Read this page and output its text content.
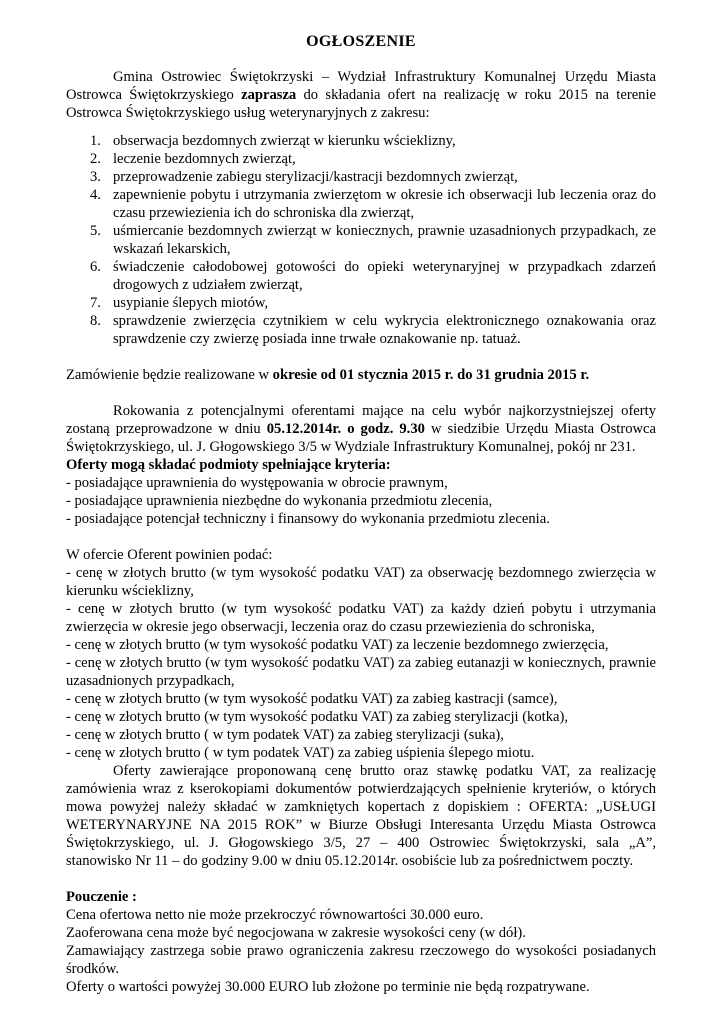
OGŁOSZENIE

Gmina Ostrowiec Świętokrzyski – Wydział Infrastruktury Komunalnej Urzędu Miasta Ostrowca Świętokrzyskiego zaprasza do składania ofert na realizację w roku 2015 na terenie Ostrowca Świętokrzyskiego usług weterynaryjnych z zakresu:

1. obserwacja bezdomnych zwierząt w kierunku wścieklizny,
2. leczenie bezdomnych zwierząt,
3. przeprowadzenie zabiegu sterylizacji/kastracji bezdomnych zwierząt,
4. zapewnienie pobytu i utrzymania zwierzętom w okresie ich obserwacji lub leczenia oraz do czasu przewiezienia ich do schroniska dla zwierząt,
5. uśmiercanie bezdomnych zwierząt w koniecznych, prawnie uzasadnionych przypadkach, ze wskazań lekarskich,
6. świadczenie całodobowej gotowości do opieki weterynaryjnej w przypadkach zdarzeń drogowych z udziałem zwierząt,
7. usypianie ślepych miotów,
8. sprawdzenie zwierzęcia czytnikiem w celu wykrycia elektronicznego oznakowania oraz sprawdzenie czy zwierzę posiada inne trwałe oznakowanie np. tatuaż.

Zamówienie będzie realizowane w okresie od 01 stycznia 2015 r. do 31 grudnia 2015 r.

Rokowania z potencjalnymi oferentami mające na celu wybór najkorzystniejszej oferty zostaną przeprowadzone w dniu 05.12.2014r. o godz. 9.30 w siedzibie Urzędu Miasta Ostrowca Świętokrzyskiego, ul. J. Głogowskiego 3/5 w Wydziale Infrastruktury Komunalnej, pokój nr 231.

Oferty mogą składać podmioty spełniające kryteria:

- posiadające uprawnienia do występowania w obrocie prawnym,
- posiadające uprawnienia niezbędne do wykonania przedmiotu zlecenia,
- posiadające potencjał techniczny i finansowy do wykonania przedmiotu zlecenia.

W ofercie Oferent powinien podać:

- cenę w złotych brutto (w tym wysokość podatku VAT) za obserwację bezdomnego zwierzęcia w kierunku wścieklizny,

- cenę w złotych brutto (w tym wysokość podatku VAT) za każdy dzień pobytu i utrzymania zwierzęcia w okresie jego obserwacji, leczenia oraz do czasu przewiezienia do schroniska,

- cenę w złotych brutto (w tym wysokość podatku VAT) za leczenie bezdomnego zwierzęcia,

- cenę w złotych brutto (w tym wysokość podatku VAT) za zabieg eutanazji w koniecznych, prawnie uzasadnionych przypadkach,

- cenę w złotych brutto (w tym wysokość podatku VAT) za zabieg kastracji (samce),

- cenę w złotych brutto (w tym wysokość podatku VAT) za zabieg sterylizacji (kotka),

- cenę w złotych brutto ( w tym podatek VAT) za zabieg sterylizacji (suka),

- cenę w złotych brutto ( w tym podatek VAT) za zabieg uśpienia ślepego miotu.

Oferty zawierające proponowaną cenę brutto oraz stawkę podatku VAT, za realizację zamówienia wraz z kserokopiami dokumentów potwierdzających spełnienie kryteriów, o których mowa powyżej należy składać w zamkniętych kopertach z dopiskiem : OFERTA: „USŁUGI WETERYNARYJNE NA 2015 ROK” w Biurze Obsługi Interesanta Urzędu Miasta Ostrowca Świętokrzyskiego, ul. J. Głogowskiego 3/5, 27 – 400 Ostrowiec Świętokrzyski, sala „A”, stanowisko Nr 11 – do godziny 9.00 w dniu 05.12.2014r. osobiście lub za pośrednictwem poczty.

Pouczenie :

Cena ofertowa netto nie może przekroczyć równowartości 30.000 euro.

Zaoferowana cena może być negocjowana w zakresie wysokości ceny (w dół).

Zamawiający zastrzega sobie prawo ograniczenia zakresu rzeczowego do wysokości posiadanych środków.

Oferty o wartości powyżej 30.000 EURO lub złożone po terminie nie będą rozpatrywane.
